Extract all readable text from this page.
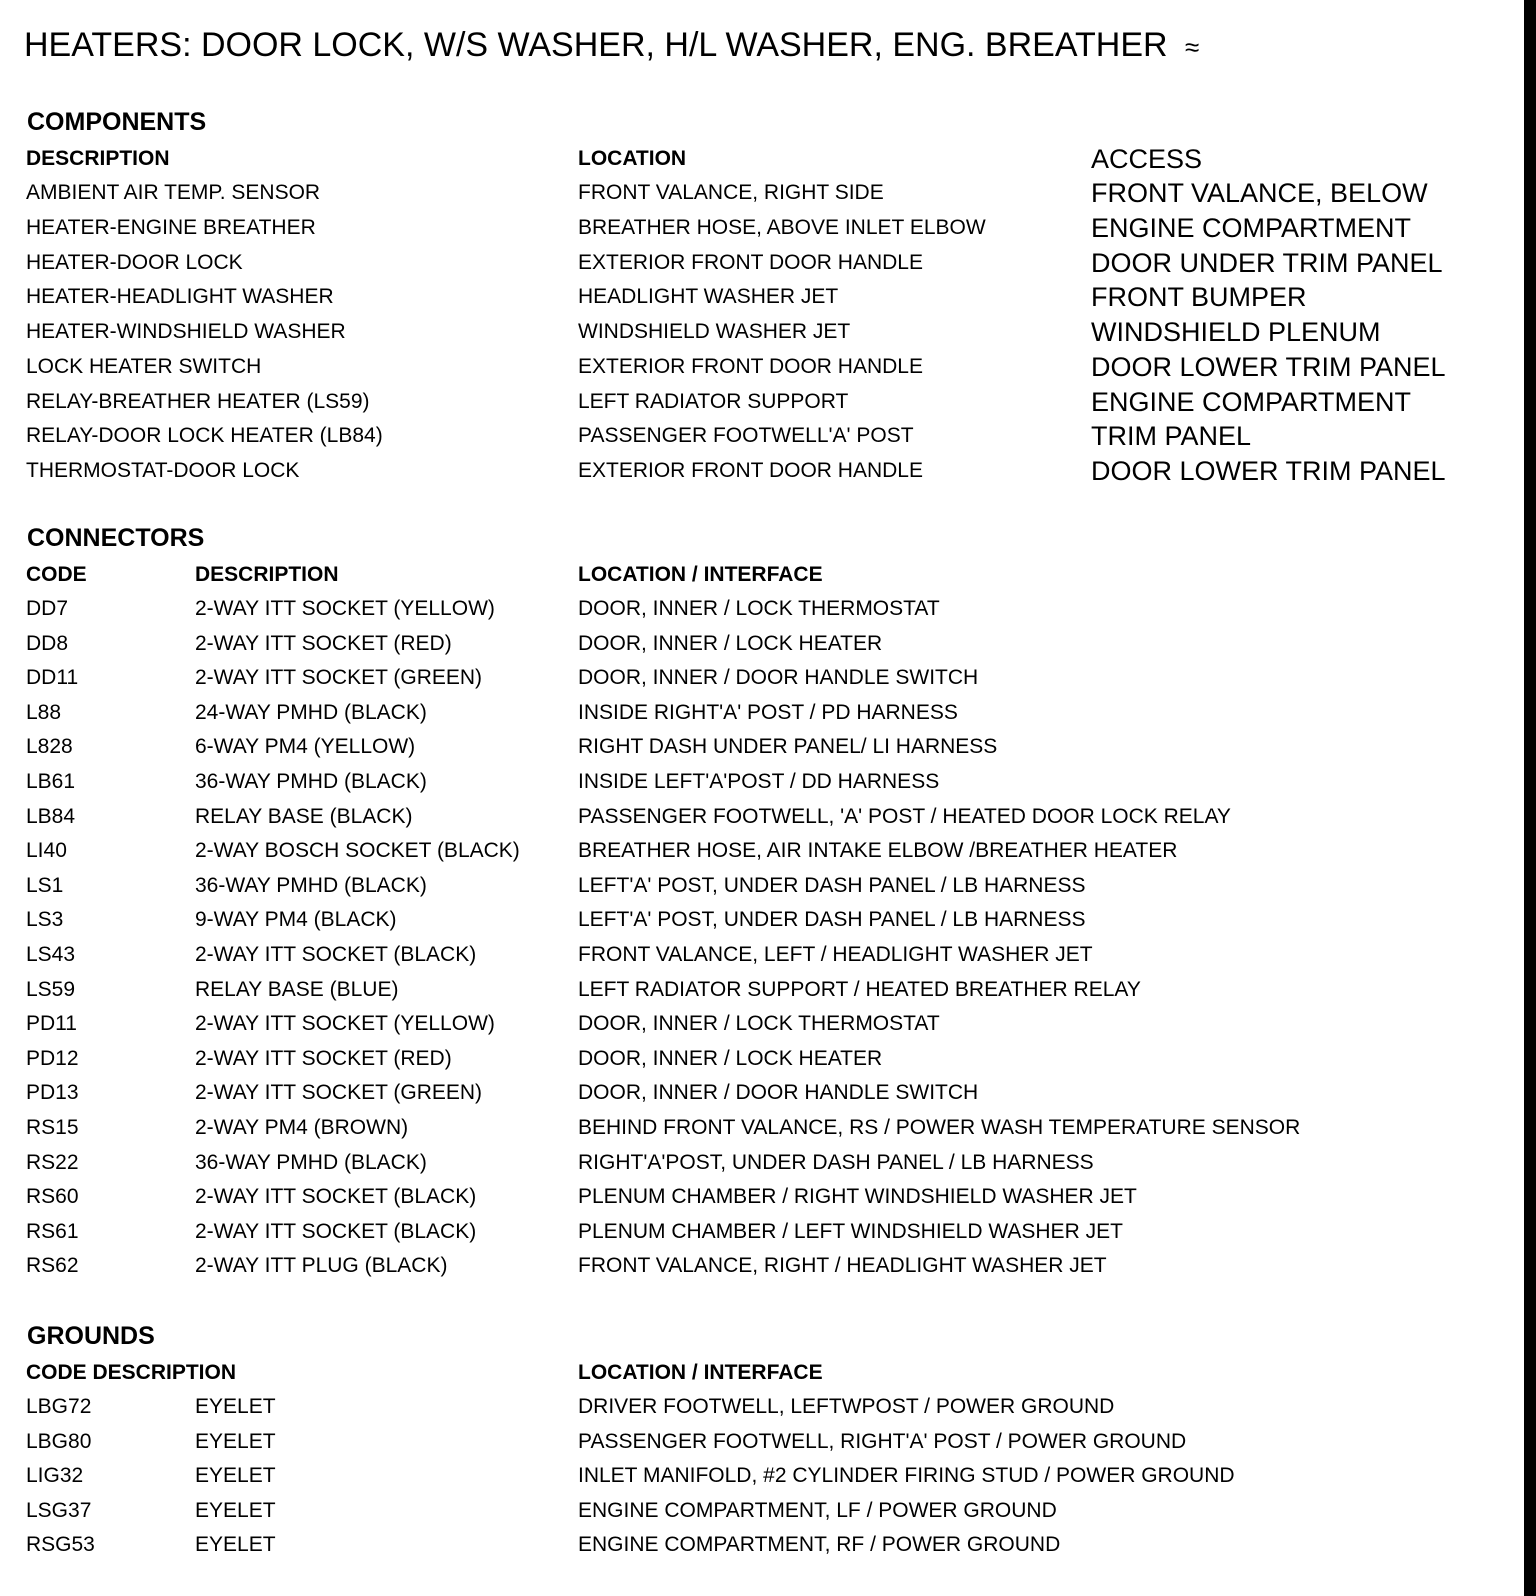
HEATERS: DOOR LOCK, W/S WASHER, H/L WASHER, ENG. BREATHER ≈
COMPONENTS
DESCRIPTION	LOCATION	ACCESS
AMBIENT AIR TEMP. SENSOR	FRONT VALANCE, RIGHT SIDE	FRONT VALANCE, BELOW
HEATER-ENGINE BREATHER	BREATHER HOSE, ABOVE INLET ELBOW	ENGINE COMPARTMENT
HEATER-DOOR LOCK	EXTERIOR FRONT DOOR HANDLE	DOOR UNDER TRIM PANEL
HEATER-HEADLIGHT WASHER	HEADLIGHT WASHER JET	FRONT BUMPER
HEATER-WINDSHIELD WASHER	WINDSHIELD WASHER JET	WINDSHIELD PLENUM
LOCK HEATER SWITCH	EXTERIOR FRONT DOOR HANDLE	DOOR LOWER TRIM PANEL
RELAY-BREATHER HEATER (LS59)	LEFT RADIATOR SUPPORT	ENGINE COMPARTMENT
RELAY-DOOR LOCK HEATER (LB84)	PASSENGER FOOTWELL'A' POST	TRIM PANEL
THERMOSTAT-DOOR LOCK	EXTERIOR FRONT DOOR HANDLE	DOOR LOWER TRIM PANEL
CONNECTORS
CODE	DESCRIPTION	LOCATION / INTERFACE
DD7	2-WAY ITT SOCKET (YELLOW)	DOOR, INNER / LOCK THERMOSTAT
DD8	2-WAY ITT SOCKET (RED)	DOOR, INNER / LOCK HEATER
DD11	2-WAY ITT SOCKET (GREEN)	DOOR, INNER / DOOR HANDLE SWITCH
L88	24-WAY PMHD (BLACK)	INSIDE RIGHT'A' POST / PD HARNESS
L828	6-WAY PM4 (YELLOW)	RIGHT DASH UNDER PANEL/ LI HARNESS
LB61	36-WAY PMHD (BLACK)	INSIDE LEFT'A'POST / DD HARNESS
LB84	RELAY BASE (BLACK)	PASSENGER FOOTWELL, 'A' POST / HEATED DOOR LOCK RELAY
LI40	2-WAY BOSCH SOCKET (BLACK)	BREATHER HOSE, AIR INTAKE ELBOW /BREATHER HEATER
LS1	36-WAY PMHD (BLACK)	LEFT'A' POST, UNDER DASH PANEL / LB HARNESS
LS3	9-WAY PM4 (BLACK)	LEFT'A' POST, UNDER DASH PANEL / LB HARNESS
LS43	2-WAY ITT SOCKET (BLACK)	FRONT VALANCE, LEFT / HEADLIGHT WASHER JET
LS59	RELAY BASE (BLUE)	LEFT RADIATOR SUPPORT / HEATED BREATHER RELAY
PD11	2-WAY ITT SOCKET (YELLOW)	DOOR, INNER / LOCK THERMOSTAT
PD12	2-WAY ITT SOCKET (RED)	DOOR, INNER / LOCK HEATER
PD13	2-WAY ITT SOCKET (GREEN)	DOOR, INNER / DOOR HANDLE SWITCH
RS15	2-WAY PM4 (BROWN)	BEHIND FRONT VALANCE, RS / POWER WASH TEMPERATURE SENSOR
RS22	36-WAY PMHD (BLACK)	RIGHT'A'POST, UNDER DASH PANEL / LB HARNESS
RS60	2-WAY ITT SOCKET (BLACK)	PLENUM CHAMBER / RIGHT WINDSHIELD WASHER JET
RS61	2-WAY ITT SOCKET (BLACK)	PLENUM CHAMBER / LEFT WINDSHIELD WASHER JET
RS62	2-WAY ITT PLUG (BLACK)	FRONT VALANCE, RIGHT / HEADLIGHT WASHER JET
GROUNDS
CODE DESCRIPTION	LOCATION / INTERFACE
LBG72	EYELET	DRIVER FOOTWELL, LEFTWPOST / POWER GROUND
LBG80	EYELET	PASSENGER FOOTWELL, RIGHT'A' POST / POWER GROUND
LIG32	EYELET	INLET MANIFOLD, #2 CYLINDER FIRING STUD / POWER GROUND
LSG37	EYELET	ENGINE COMPARTMENT, LF / POWER GROUND
RSG53	EYELET	ENGINE COMPARTMENT, RF / POWER GROUND
